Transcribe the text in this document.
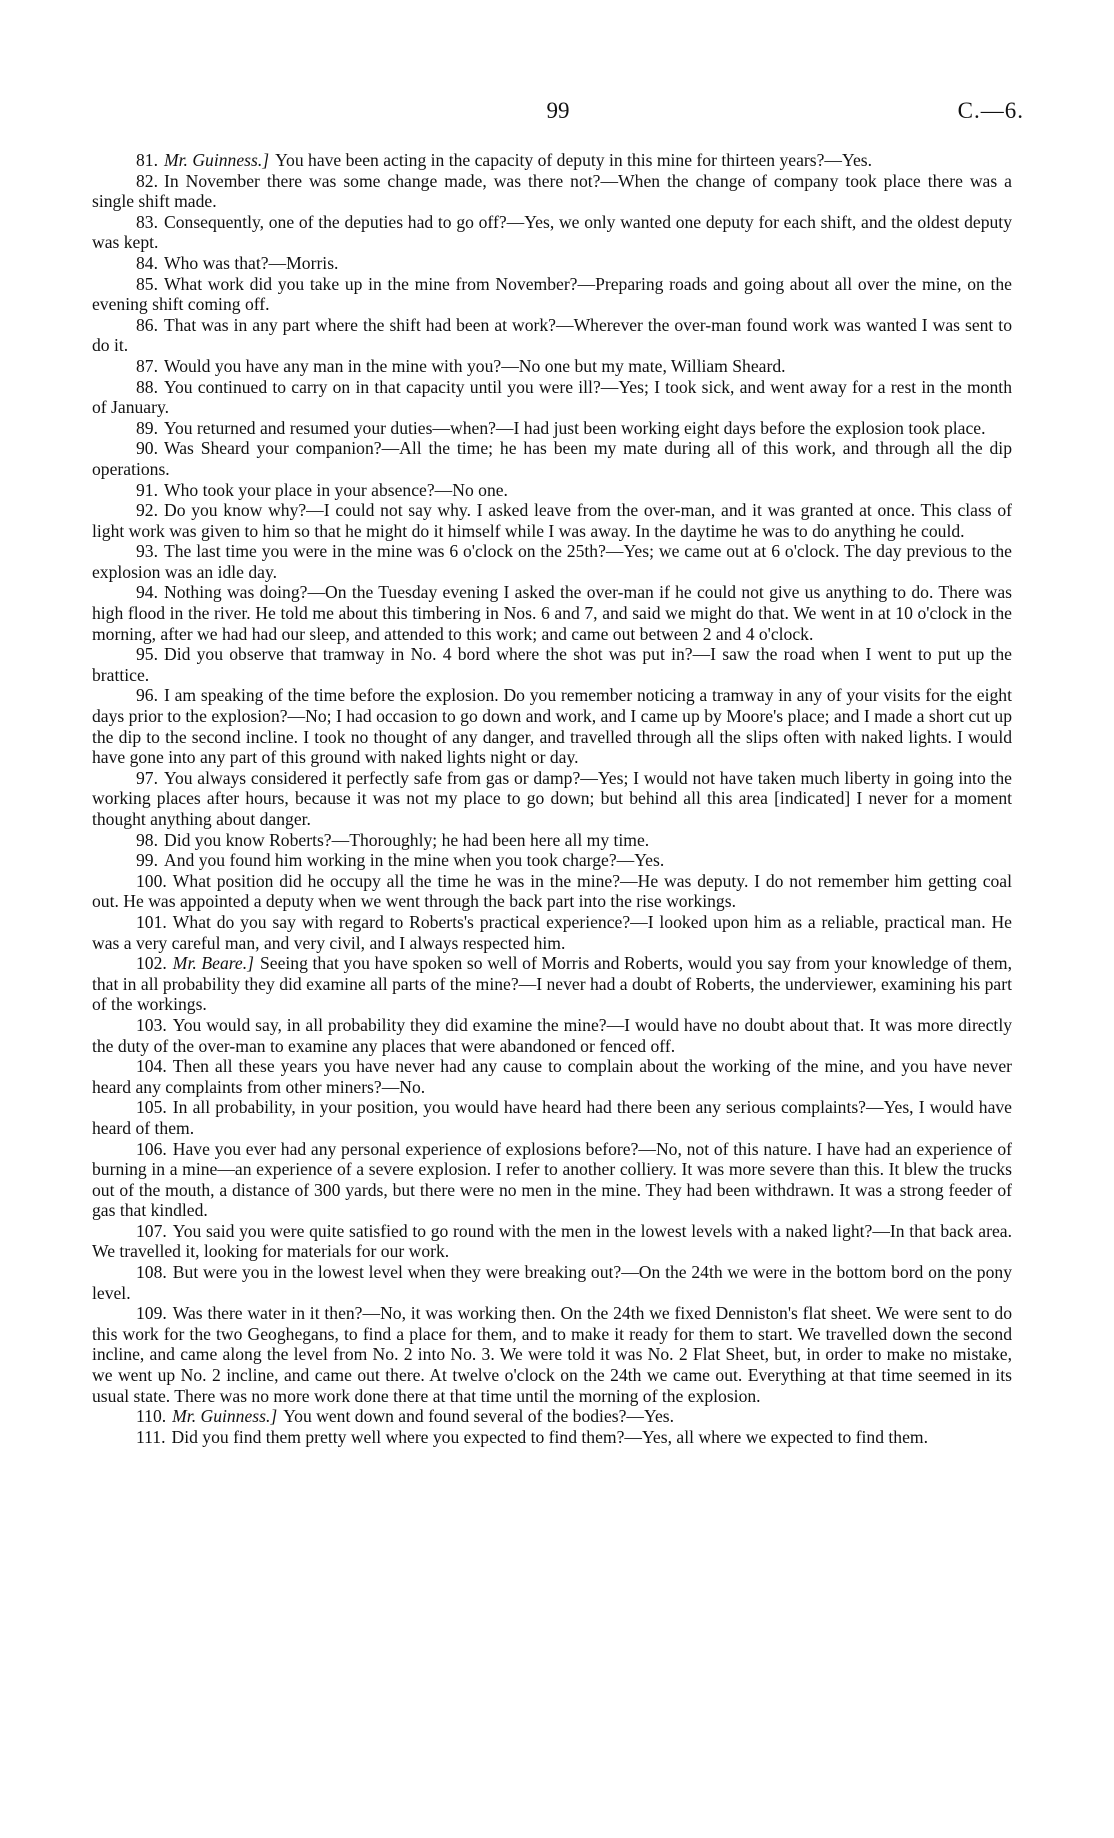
99	C.—6.

81. Mr. Guinness.] You have been acting in the capacity of deputy in this mine for thirteen years?—Yes.

82. In November there was some change made, was there not?—When the change of company took place there was a single shift made.

83. Consequently, one of the deputies had to go off?—Yes, we only wanted one deputy for each shift, and the oldest deputy was kept.

84. Who was that?—Morris.

85. What work did you take up in the mine from November?—Preparing roads and going about all over the mine, on the evening shift coming off.

86. That was in any part where the shift had been at work?—Wherever the over-man found work was wanted I was sent to do it.

87. Would you have any man in the mine with you?—No one but my mate, William Sheard.

88. You continued to carry on in that capacity until you were ill?—Yes; I took sick, and went away for a rest in the month of January.

89. You returned and resumed your duties—when?—I had just been working eight days before the explosion took place.

90. Was Sheard your companion?—All the time; he has been my mate during all of this work, and through all the dip operations.

91. Who took your place in your absence?—No one.

92. Do you know why?—I could not say why. I asked leave from the over-man, and it was granted at once. This class of light work was given to him so that he might do it himself while I was away. In the daytime he was to do anything he could.

93. The last time you were in the mine was 6 o'clock on the 25th?—Yes; we came out at 6 o'clock. The day previous to the explosion was an idle day.

94. Nothing was doing?—On the Tuesday evening I asked the over-man if he could not give us anything to do. There was high flood in the river. He told me about this timbering in Nos. 6 and 7, and said we might do that. We went in at 10 o'clock in the morning, after we had had our sleep, and attended to this work; and came out between 2 and 4 o'clock.

95. Did you observe that tramway in No. 4 bord where the shot was put in?—I saw the road when I went to put up the brattice.

96. I am speaking of the time before the explosion. Do you remember noticing a tramway in any of your visits for the eight days prior to the explosion?—No; I had occasion to go down and work, and I came up by Moore's place; and I made a short cut up the dip to the second incline. I took no thought of any danger, and travelled through all the slips often with naked lights. I would have gone into any part of this ground with naked lights night or day.

97. You always considered it perfectly safe from gas or damp?—Yes; I would not have taken much liberty in going into the working places after hours, because it was not my place to go down; but behind all this area [indicated] I never for a moment thought anything about danger.

98. Did you know Roberts?—Thoroughly; he had been here all my time.

99. And you found him working in the mine when you took charge?—Yes.

100. What position did he occupy all the time he was in the mine?—He was deputy. I do not remember him getting coal out. He was appointed a deputy when we went through the back part into the rise workings.

101. What do you say with regard to Roberts's practical experience?—I looked upon him as a reliable, practical man. He was a very careful man, and very civil, and I always respected him.

102. Mr. Beare.] Seeing that you have spoken so well of Morris and Roberts, would you say from your knowledge of them, that in all probability they did examine all parts of the mine?—I never had a doubt of Roberts, the underviewer, examining his part of the workings.

103. You would say, in all probability they did examine the mine?—I would have no doubt about that. It was more directly the duty of the over-man to examine any places that were abandoned or fenced off.

104. Then all these years you have never had any cause to complain about the working of the mine, and you have never heard any complaints from other miners?—No.

105. In all probability, in your position, you would have heard had there been any serious complaints?—Yes, I would have heard of them.

106. Have you ever had any personal experience of explosions before?—No, not of this nature. I have had an experience of burning in a mine—an experience of a severe explosion. I refer to another colliery. It was more severe than this. It blew the trucks out of the mouth, a distance of 300 yards, but there were no men in the mine. They had been withdrawn. It was a strong feeder of gas that kindled.

107. You said you were quite satisfied to go round with the men in the lowest levels with a naked light?—In that back area. We travelled it, looking for materials for our work.

108. But were you in the lowest level when they were breaking out?—On the 24th we were in the bottom bord on the pony level.

109. Was there water in it then?—No, it was working then. On the 24th we fixed Denniston's flat sheet. We were sent to do this work for the two Geoghegans, to find a place for them, and to make it ready for them to start. We travelled down the second incline, and came along the level from No. 2 into No. 3. We were told it was No. 2 Flat Sheet, but, in order to make no mistake, we went up No. 2 incline, and came out there. At twelve o'clock on the 24th we came out. Everything at that time seemed in its usual state. There was no more work done there at that time until the morning of the explosion.

110. Mr. Guinness.] You went down and found several of the bodies?—Yes.

111. Did you find them pretty well where you expected to find them?—Yes, all where we expected to find them.
